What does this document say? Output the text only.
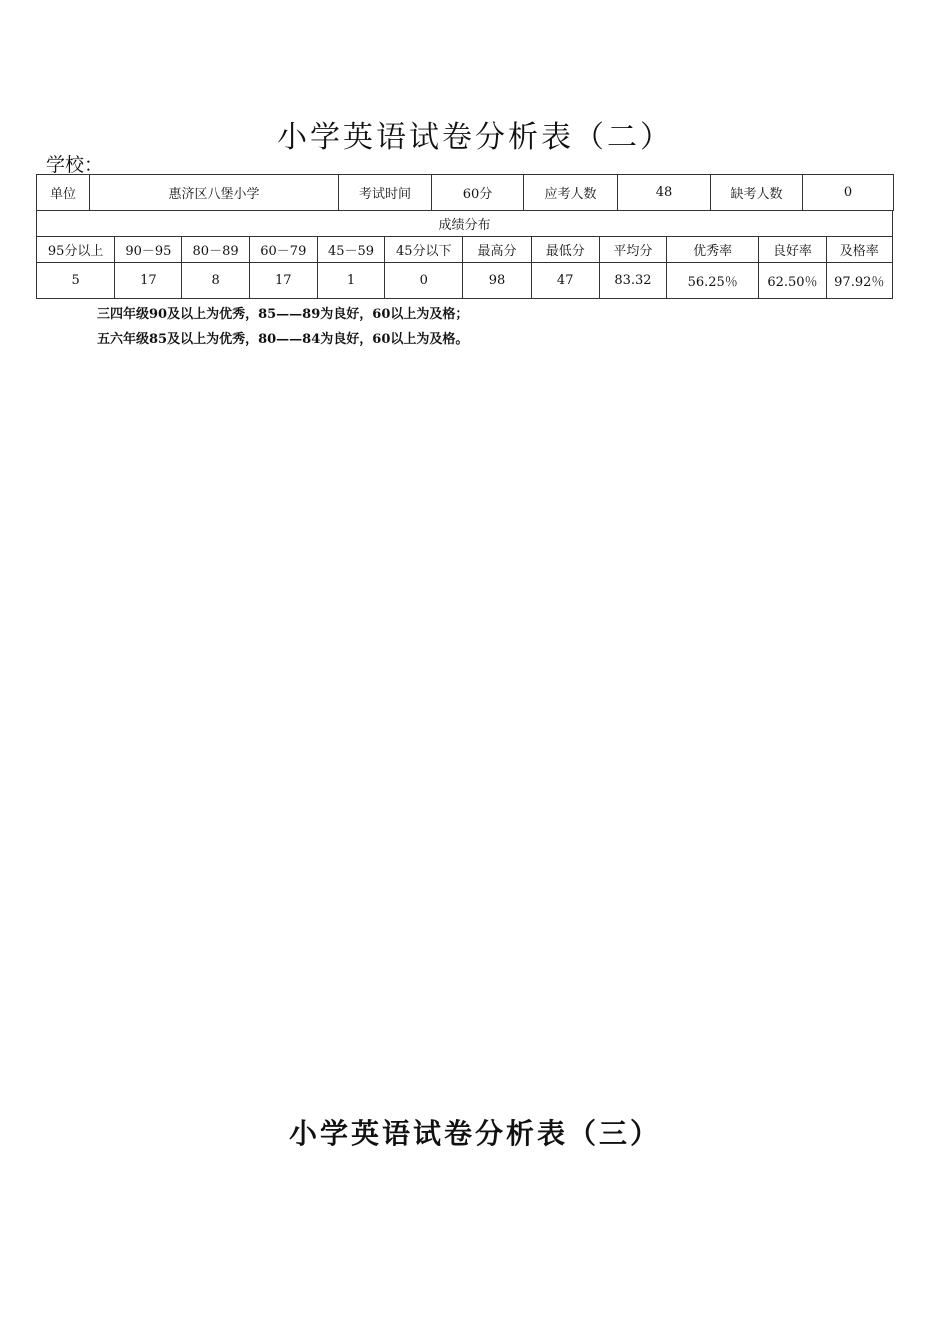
小学英语试卷分析表（二）
学校：
单位	惠济区八堡小学	考试时间	60分	应考人数	48	缺考人数	0
成绩分布											
95分以上	90－95	80－89	60－79	45－59	45分以下	最高分	最低分	平均分	优秀率	良好率	及格率
5	17	8	17	1	0	98	47	83.32	56.25％	62.50％	97.92％
三四年级90及以上为优秀，85——89为良好，60以上为及格；
五六年级85及以上为优秀，80——84为良好，60以上为及格。
小学英语试卷分析表（三）
